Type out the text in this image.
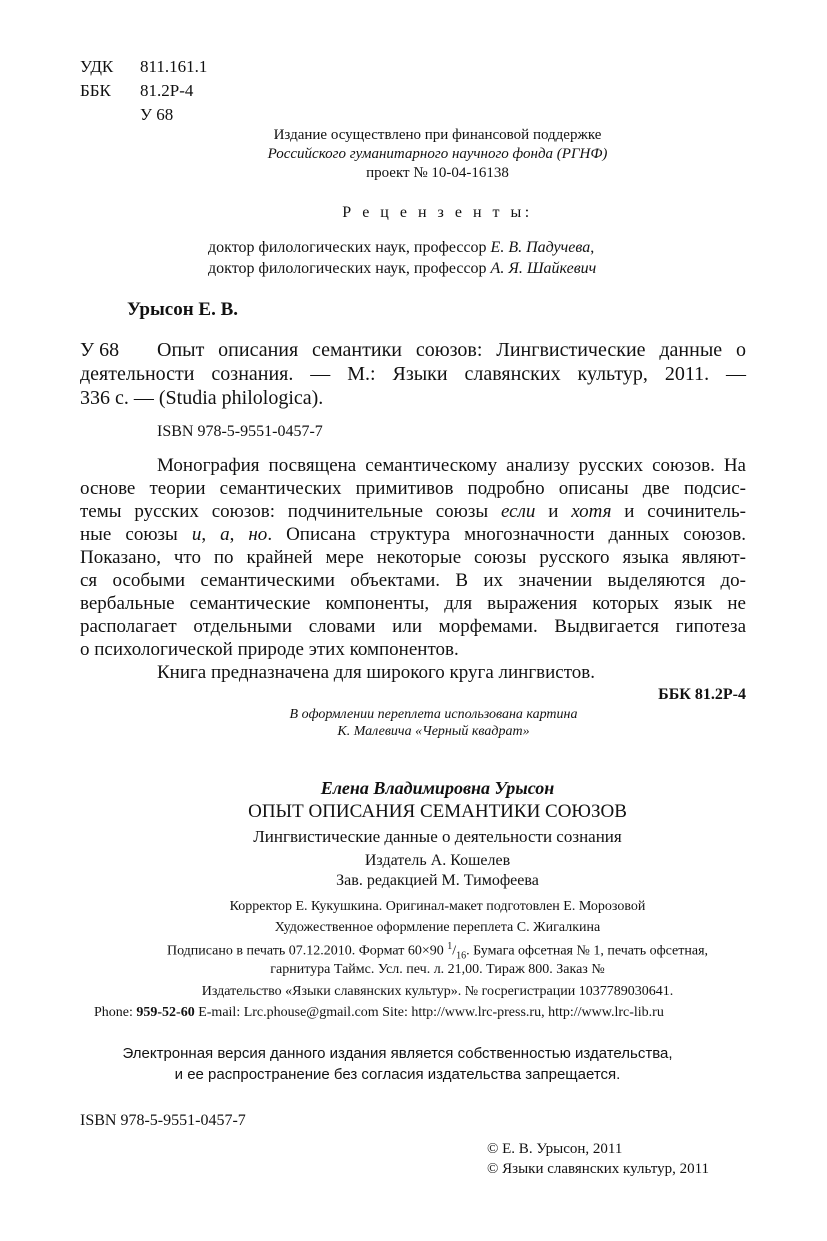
УДК 811.161.1
ББК 81.2Р-4
У 68
Издание осуществлено при финансовой поддержке
Российского гуманитарного научного фонда (РГНФ)
проект № 10-04-16138
Р е ц е н з е н т ы:
доктор филологических наук, профессор Е. В. Падучева,
доктор филологических наук, профессор А. Я. Шайкевич
Урысон Е. В.
У 68 Опыт описания семантики союзов: Лингвистические данные о
деятельности сознания. — М.: Языки славянских культур, 2011. —
336 с. — (Studia philologica).
ISBN 978-5-9551-0457-7
Монография посвящена семантическому анализу русских союзов. На
основе теории семантических примитивов подробно описаны две подсис-
темы русских союзов: подчинительные союзы если и хотя и сочинитель-
ные союзы и, а, но. Описана структура многозначности данных союзов.
Показано, что по крайней мере некоторые союзы русского языка являют-
ся особыми семантическими объектами. В их значении выделяются до-
вербальные семантические компоненты, для выражения которых язык не
располагает отдельными словами или морфемами. Выдвигается гипотеза
о психологической природе этих компонентов.
Книга предназначена для широкого круга лингвистов.
ББК 81.2Р-4
В оформлении переплета использована картина
К. Малевича «Черный квадрат»
Елена Владимировна Урысон
ОПЫТ ОПИСАНИЯ СЕМАНТИКИ СОЮЗОВ
Лингвистические данные о деятельности сознания
Издатель А. Кошелев
Зав. редакцией М. Тимофеева
Корректор Е. Кукушкина. Оригинал-макет подготовлен Е. Морозовой
Художественное оформление переплета С. Жигалкина
Подписано в печать 07.12.2010. Формат 60×90 $^1/_{16}$. Бумага офсетная № 1, печать офсетная,
гарнитура Таймс. Усл. печ. л. 21,00. Тираж 800. Заказ №
Издательство «Языки славянских культур». № госрегистрации 1037789030641.
Phone: 959-52-60 E-mail: Lrc.phouse@gmail.com Site: http://www.lrc-press.ru, http://www.lrc-lib.ru
Электронная версия данного издания является собственностью издательства,
и ее распространение без согласия издательства запрещается.
ISBN 978-5-9551-0457-7
© Е. В. Урысон, 2011
© Языки славянских культур, 2011
